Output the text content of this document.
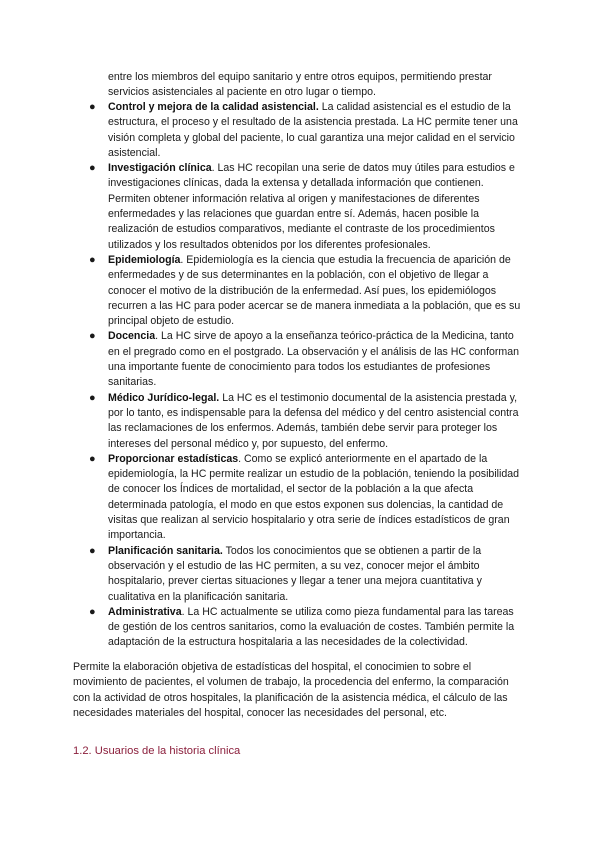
entre los miembros del equipo sanitario y entre otros equipos, permitiendo prestar servicios asistenciales al paciente en otro lugar o tiempo.
● Control y mejora de la calidad asistencial. La calidad asistencial es el estudio de la estructura, el proceso y el resultado de la asistencia prestada. La HC permite tener una visión completa y global del paciente, lo cual garantiza una mejor calidad en el servicio asistencial.
● Investigación clínica. Las HC recopilan una serie de datos muy útiles para estudios e investigaciones clínicas, dada la extensa y detallada información que contienen. Permiten obtener información relativa al origen y manifestaciones de diferentes enfermedades y las relaciones que guardan entre sí. Además, hacen posible la realización de estudios comparativos, mediante el contraste de los procedimientos utilizados y los resultados obtenidos por los diferentes profesionales.
● Epidemiología. Epidemiología es la ciencia que estudia la frecuencia de aparición de enfermedades y de sus determinantes en la población, con el objetivo de llegar a conocer el motivo de la distribución de la enfermedad. Así pues, los epidemiólogos recurren a las HC para poder acercar se de manera inmediata a la población, que es su principal objeto de estudio.
● Docencia. La HC sirve de apoyo a la enseñanza teórico-práctica de la Medicina, tanto en el pregrado como en el postgrado. La observación y el análisis de las HC conforman una importante fuente de conocimiento para todos los estudiantes de profesiones sanitarias.
● Médico Jurídico-legal. La HC es el testimonio documental de la asistencia prestada y, por lo tanto, es indispensable para la defensa del médico y del centro asistencial contra las reclamaciones de los enfermos. Además, también debe servir para proteger los intereses del personal médico y, por supuesto, del enfermo.
● Proporcionar estadísticas. Como se explicó anteriormente en el apartado de la epidemiología, la HC permite realizar un estudio de la población, teniendo la posibilidad de conocer los Índices de mortalidad, el sector de la población a la que afecta determinada patología, el modo en que estos exponen sus dolencias, la cantidad de visitas que realizan al servicio hospitalario y otra serie de índices estadísticos de gran importancia.
● Planificación sanitaria. Todos los conocimientos que se obtienen a partir de la observación y el estudio de las HC permiten, a su vez, conocer mejor el ámbito hospitalario, prever ciertas situaciones y llegar a tener una mejora cuantitativa y cualitativa en la planificación sanitaria.
● Administrativa. La HC actualmente se utiliza como pieza fundamental para las tareas de gestión de los centros sanitarios, como la evaluación de costes. También permite la adaptación de la estructura hospitalaria a las necesidades de la colectividad.

Permite la elaboración objetiva de estadísticas del hospital, el conocimien to sobre el movimiento de pacientes, el volumen de trabajo, la procedencia del enfermo, la comparación con la actividad de otros hospitales, la planificación de la asistencia médica, el cálculo de las necesidades materiales del hospital, conocer las necesidades del personal, etc.

1.2. Usuarios de la historia clínica
